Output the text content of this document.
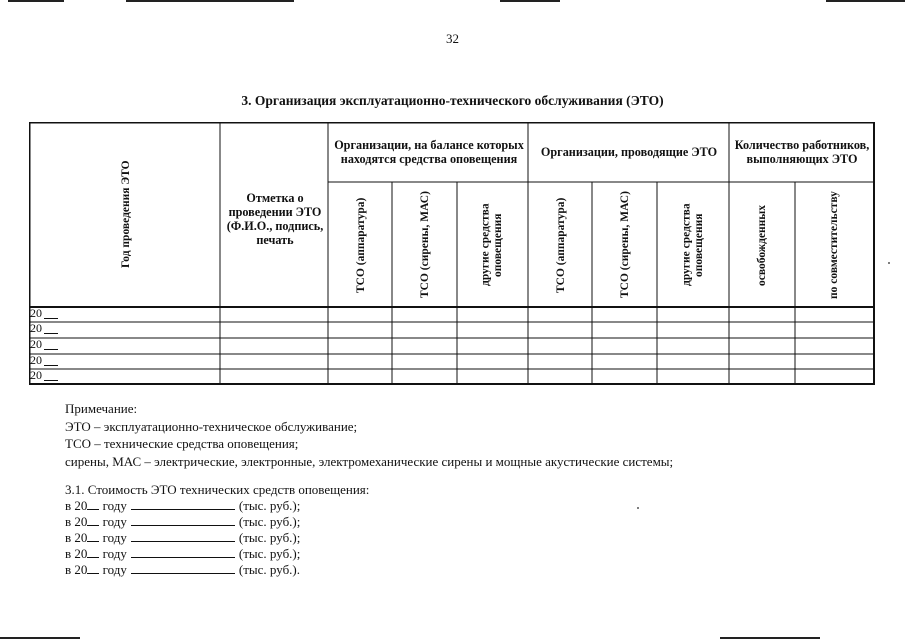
32
3. Организация эксплуатационно-технического обслуживания (ЭТО)
Год проведения ЭТО	Отметка о проведении ЭТО (Ф.И.О., подпись, печать
Организации, на балансе которых находятся средства оповещения	Организации, проводящие ЭТО	Количество работников, выполняющих ЭТО
ТСО (аппаратура)	ТСО (сирены, МАС)	другие средства оповещения	ТСО (аппаратура)	ТСО (сирены, МАС)	другие средства оповещения	освобожденных	по совместительству
20
20
20
20
20
Примечание:
ЭТО – эксплуатационно-техническое обслуживание;
ТСО – технические средства оповещения;
сирены, МАС – электрические, электронные, электромеханические сирены и мощные акустические системы;
3.1. Стоимость ЭТО технических средств оповещения:
в 20 году	(тыс. руб.);
в 20 году	(тыс. руб.);
в 20 году	(тыс. руб.);
в 20 году	(тыс. руб.);
в 20 году	(тыс. руб.).
